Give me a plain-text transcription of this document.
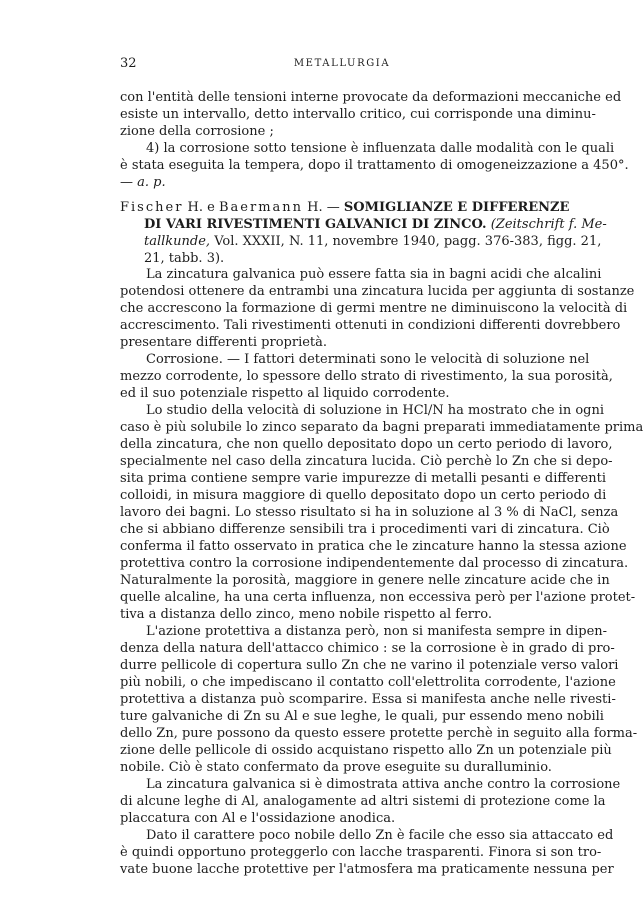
32	METALLURGIA
con l'entità delle tensioni interne provocate da deformazioni meccaniche ed
esiste un intervallo, detto intervallo critico, cui corrisponde una diminu-
zione della corrosione ;
4) la corrosione sotto tensione è influenzata dalle modalità con le quali
è stata eseguita la tempera, dopo il trattamento di omogeneizzazione a 450°.
— a. p.
Fischer H. e Baermann H. — SOMIGLIANZE E DIFFERENZE
DI VARI RIVESTIMENTI GALVANICI DI ZINCO. (Zeitschrift f. Me-
tallkunde, Vol. XXXII, N. 11, novembre 1940, pagg. 376-383, figg. 21,
21, tabb. 3).
La zincatura galvanica può essere fatta sia in bagni acidi che alcalini
potendosi ottenere da entrambi una zincatura lucida per aggiunta di sostanze
che accrescono la formazione di germi mentre ne diminuiscono la velocità di
accrescimento. Tali rivestimenti ottenuti in condizioni differenti dovrebbero
presentare differenti proprietà.
Corrosione. — I fattori determinati sono le velocità di soluzione nel
mezzo corrodente, lo spessore dello strato di rivestimento, la sua porosità,
ed il suo potenziale rispetto al liquido corrodente.
Lo studio della velocità di soluzione in HCl/N ha mostrato che in ogni
caso è più solubile lo zinco separato da bagni preparati immediatamente prima
della zincatura, che non quello depositato dopo un certo periodo di lavoro,
specialmente nel caso della zincatura lucida. Ciò perchè lo Zn che si depo-
sita prima contiene sempre varie impurezze di metalli pesanti e differenti
colloidi, in misura maggiore di quello depositato dopo un certo periodo di
lavoro dei bagni. Lo stesso risultato si ha in soluzione al 3 % di NaCl, senza
che si abbiano differenze sensibili tra i procedimenti vari di zincatura. Ciò
conferma il fatto osservato in pratica che le zincature hanno la stessa azione
protettiva contro la corrosione indipendentemente dal processo di zincatura.
Naturalmente la porosità, maggiore in genere nelle zincature acide che in
quelle alcaline, ha una certa influenza, non eccessiva però per l'azione protet-
tiva a distanza dello zinco, meno nobile rispetto al ferro.
L'azione protettiva a distanza però, non si manifesta sempre in dipen-
denza della natura dell'attacco chimico : se la corrosione è in grado di pro-
durre pellicole di copertura sullo Zn che ne varino il potenziale verso valori
più nobili, o che impediscano il contatto coll'elettrolita corrodente, l'azione
protettiva a distanza può scomparire. Essa si manifesta anche nelle rivesti-
ture galvaniche di Zn su Al e sue leghe, le quali, pur essendo meno nobili
dello Zn, pure possono da questo essere protette perchè in seguito alla forma-
zione delle pellicole di ossido acquistano rispetto allo Zn un potenziale più
nobile. Ciò è stato confermato da prove eseguite su duralluminio.
La zincatura galvanica si è dimostrata attiva anche contro la corrosione
di alcune leghe di Al, analogamente ad altri sistemi di protezione come la
placcatura con Al e l'ossidazione anodica.
Dato il carattere poco nobile dello Zn è facile che esso sia attaccato ed
è quindi opportuno proteggerlo con lacche trasparenti. Finora si son tro-
vate buone lacche protettive per l'atmosfera ma praticamente nessuna per
